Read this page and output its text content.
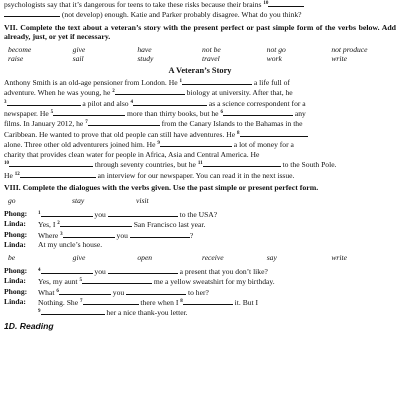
psychologists say that it’s dangerous for teens to take these risks because their brains $^{10}$
(not develop) enough. Katie and Parker probably disagree. What do you think?

VII. Complete the text about a veteran’s story with the present perfect or past simple form of the verbs below. Add already, just, or yet if necessary.

become	give	have	not be	not go	not produce
raise	sail	study	travel	work	write
A Veteran’s Story

Anthony Smith is an old-age pensioner from London. He $^1$	a life full of
adventure. When he was young, he $^2$	biology at university. After that, he
$^3$	a pilot and also $^4$	as a science correspondent for a
newspaper. He $^5$	more than thirty books, but he $^6$	any
films. In January 2012, he $^7$	from the Canary Islands to the Bahamas in the
Caribbean. He wanted to prove that old people can still have adventures. He $^8$
alone. Three other old adventurers joined him. He $^9$	a lot of money for a
charity that provides clean water for people in Africa, Asia and Central America. He
$^{10}$	through seventy countries, but he $^{11}$	to the South Pole.
He $^{12}$	an interview for our newspaper. You can read it in the next issue.

VIII. Complete the dialogues with the verbs given. Use the past simple or present perfect form.

go	stay	visit
Phong:	$^1$	you	to the USA?
Linda:	Yes, I $^2$	San Francisco last year.
Phong:	Where $^3$	you	?
Linda:	At my uncle’s house.
be	give	open	receive	say	write
Phong:	$^4$	you	a present that you don’t like?
Linda:	Yes, my aunt $^5$	me a yellow sweatshirt for my birthday.
Phong:	What $^6$	you	to her?
Linda:	Nothing. She $^7$	there when I $^8$	it. But I
$^9$	her a nice thank-you letter.
1D. Reading
